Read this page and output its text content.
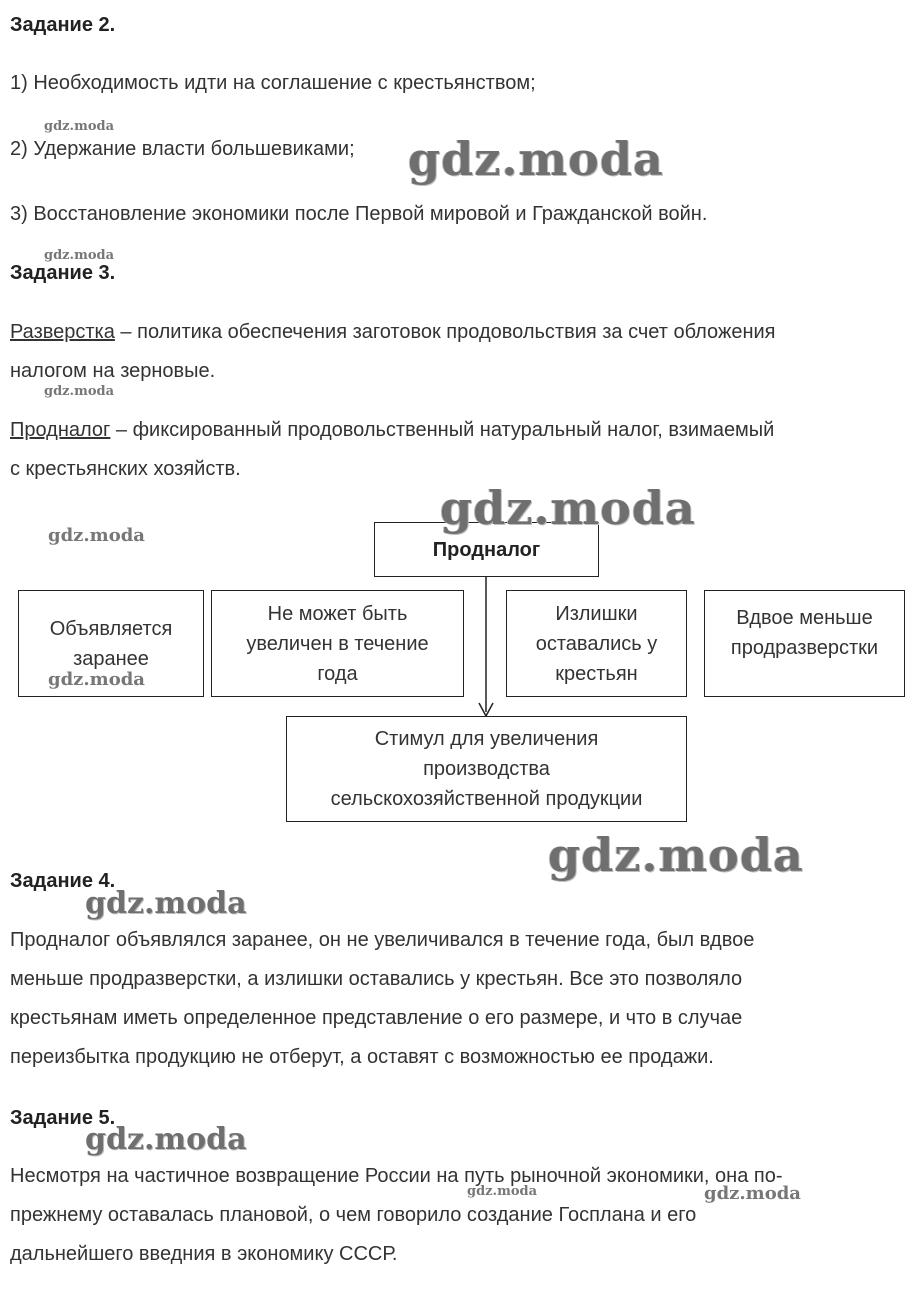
Задание 2.
1) Необходимость идти на соглашение с крестьянством;
2) Удержание власти большевиками;
3) Восстановление экономики после Первой мировой и Гражданской войн.
Задание 3.
Разверстка – политика обеспечения заготовок продовольствия за счет обложения
налогом на зерновые.
Продналог – фиксированный продовольственный натуральный налог, взимаемый
с крестьянских хозяйств.
Продналог
Объявляется
заранее
Не может быть
увеличен в течение
года
Излишки
оставались у
крестьян
Вдвое меньше
продразверстки
Стимул для увеличения
производства
сельскохозяйственной продукции
Задание 4.
Продналог объявлялся заранее, он не увеличивался в течение года, был вдвое
меньше продразверстки, а излишки оставались у крестьян. Все это позволяло
крестьянам иметь определенное представление о его размере, и что в случае
переизбытка продукцию не отберут, а оставят с возможностью ее продажи.
Задание 5.
Несмотря на частичное возвращение России на путь рыночной экономики, она по-
прежнему оставалась плановой, о чем говорило создание Госплана и его
дальнейшего введния в экономику СССР.
gdz.moda
gdz.moda
gdz.moda
gdz.moda
gdz.moda
gdz.moda
gdz.moda
gdz.moda
gdz.moda
gdz.moda
gdz.moda	gdz.moda
